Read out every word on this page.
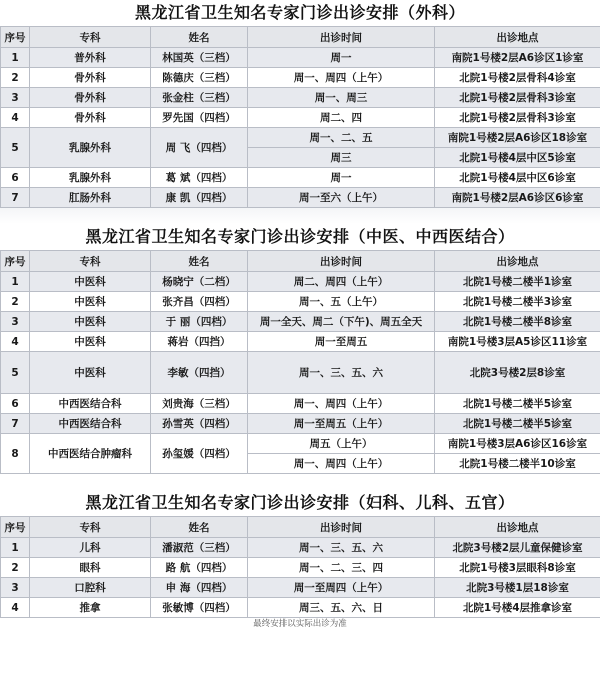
黑龙江省卫生知名专家门诊出诊安排（外科）
序号	专科	姓名	出诊时间	出诊地点
1	普外科	林国英（三档）	周一	南院1号楼2层A6诊区1诊室
2	骨外科	陈德庆（三档）	周一、周四（上午）	北院1号楼2层骨科4诊室
3	骨外科	张金柱（三档）	周一、周三	北院1号楼2层骨科3诊室
4	骨外科	罗先国（四档）	周二、四	北院1号楼2层骨科3诊室
5	乳腺外科	周 飞（四档）	周一、二、五	南院1号楼2层A6诊区18诊室
			周三	北院1号楼4层中区5诊室
6	乳腺外科	葛 斌（四档）	周一	北院1号楼4层中区6诊室
7	肛肠外科	康 凯（四档）	周一至六（上午）	南院1号楼2层A6诊区6诊室
黑龙江省卫生知名专家门诊出诊安排（中医、中西医结合）
序号	专科	姓名	出诊时间	出诊地点
1	中医科	杨晓宁（二档）	周二、周四（上午）	北院1号楼二楼半1诊室
2	中医科	张齐昌（四档）	周一、五（上午）	北院1号楼二楼半3诊室
3	中医科	于 丽（四档）	周一全天、周二（下午)、周五全天	北院1号楼二楼半8诊室
4	中医科	蒋岩（四挡）	周一至周五	南院1号楼3层A5诊区11诊室
5	中医科	李敏（四挡）	周一、三、五、六	北院3号楼2层8诊室
6	中西医结合科	刘贵海（三档）	周一、周四（上午）	北院1号楼二楼半5诊室
7	中西医结合科	孙雪英（四档）	周一至周五（上午）	北院1号楼二楼半5诊室
8	中西医结合肿瘤科	孙玺媛（四档）	周五（上午）	南院1号楼3层A6诊区16诊室
			周一、周四（上午）	北院1号楼二楼半10诊室
黑龙江省卫生知名专家门诊出诊安排（妇科、儿科、五官）
序号	专科	姓名	出诊时间	出诊地点
1	儿科	潘淑范（三档）	周一、三、五、六	北院3号楼2层儿童保健诊室
2	眼科	路 航（四档）	周一、二、三、四	北院1号楼3层眼科8诊室
3	口腔科	申 海（四档）	周一至周四（上午）	北院3号楼1层18诊室
4	推拿	张敏博（四档）	周三、五、六、日	北院1号楼4层推拿诊室
最终安排以实际出诊为准
